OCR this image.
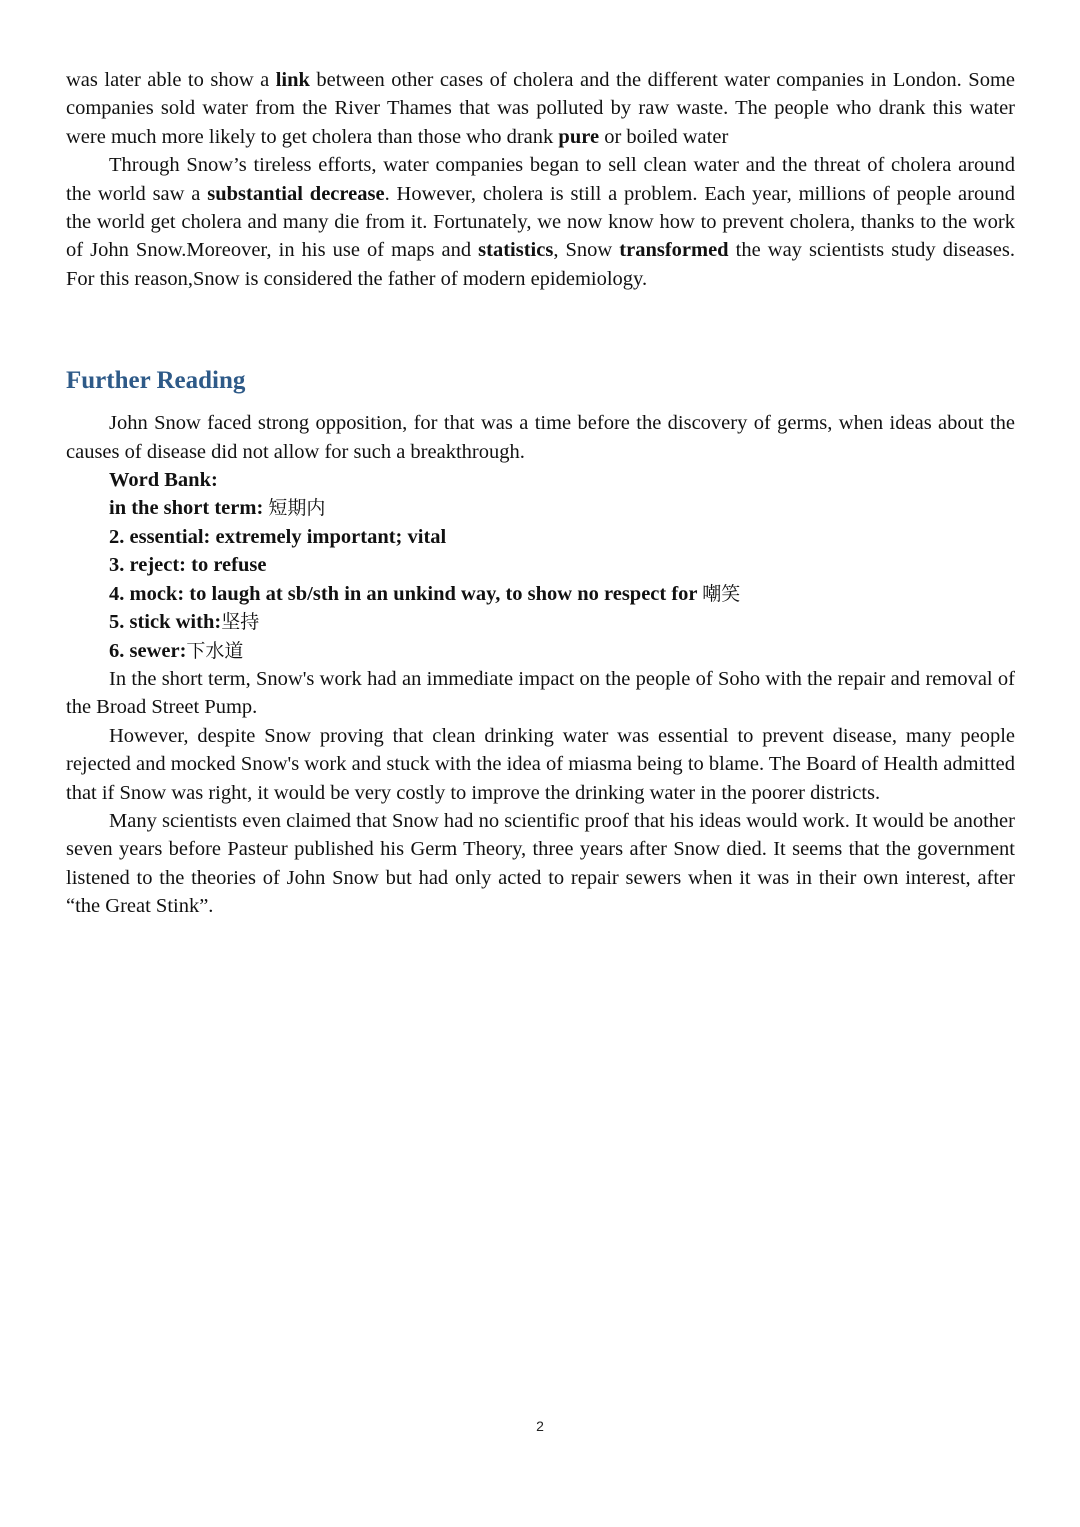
was later able to show a link between other cases of cholera and the different water companies in London. Some companies sold water from the River Thames that was polluted by raw waste. The people who drank this water were much more likely to get cholera than those who drank pure or boiled water

Through Snow’s tireless efforts, water companies began to sell clean water and the threat of cholera around the world saw a substantial decrease. However, cholera is still a problem. Each year, millions of people around the world get cholera and many die from it. Fortunately, we now know how to prevent cholera, thanks to the work of John Snow.Moreover, in his use of maps and statistics, Snow transformed the way scientists study diseases. For this reason,Snow is considered the father of modern epidemiology.

Further Reading

John Snow faced strong opposition, for that was a time before the discovery of germs, when ideas about the causes of disease did not allow for such a breakthrough.

Word Bank:

in the short term: 短期内

2. essential: extremely important; vital

3. reject: to refuse

4. mock: to laugh at sb/sth in an unkind way, to show no respect for 嘲笑

5. stick with:坚持

6. sewer:下水道

In the short term, Snow's work had an immediate impact on the people of Soho with the repair and removal of the Broad Street Pump.

However, despite Snow proving that clean drinking water was essential to prevent disease, many people rejected and mocked Snow's work and stuck with the idea of miasma being to blame. The Board of Health admitted that if Snow was right, it would be very costly to improve the drinking water in the poorer districts.

Many scientists even claimed that Snow had no scientific proof that his ideas would work. It would be another seven years before Pasteur published his Germ Theory, three years after Snow died. It seems that the government listened to the theories of John Snow but had only acted to repair sewers when it was in their own interest, after “the Great Stink”.

2
